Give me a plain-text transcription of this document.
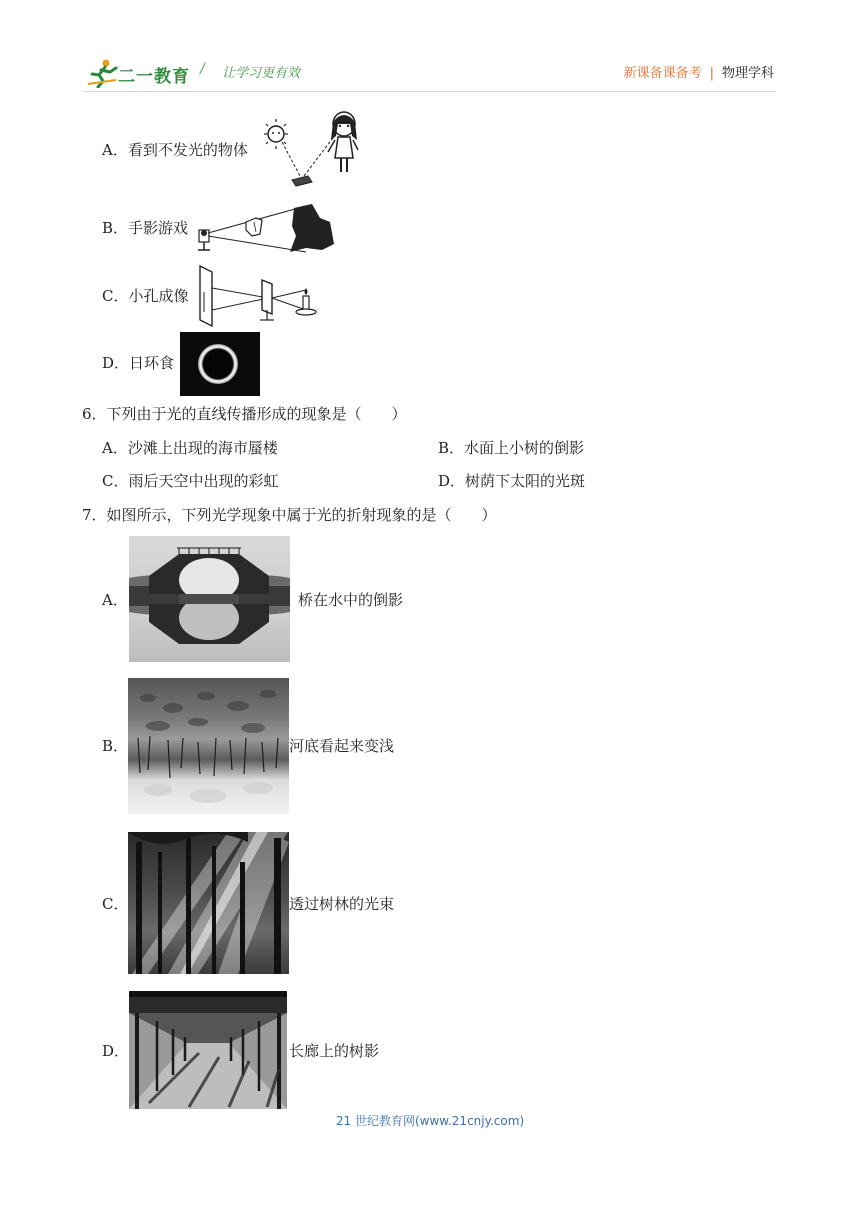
二一教育 / 让学习更有效	新课备课备考 | 物理学科
A．看到不发光的物体
B．手影游戏
C．小孔成像
D．日环食
6．下列由于光的直线传播形成的现象是（　　）
A．沙滩上出现的海市蜃楼	B．水面上小树的倒影
C．雨后天空中出现的彩虹	D．树荫下太阳的光斑
7．如图所示，下列光学现象中属于光的折射现象的是（　　）
A．	桥在水中的倒影
B．	河底看起来变浅
C．	透过树林的光束
D．	长廊上的树影
21 世纪教育网(www.21cnjy.com)
